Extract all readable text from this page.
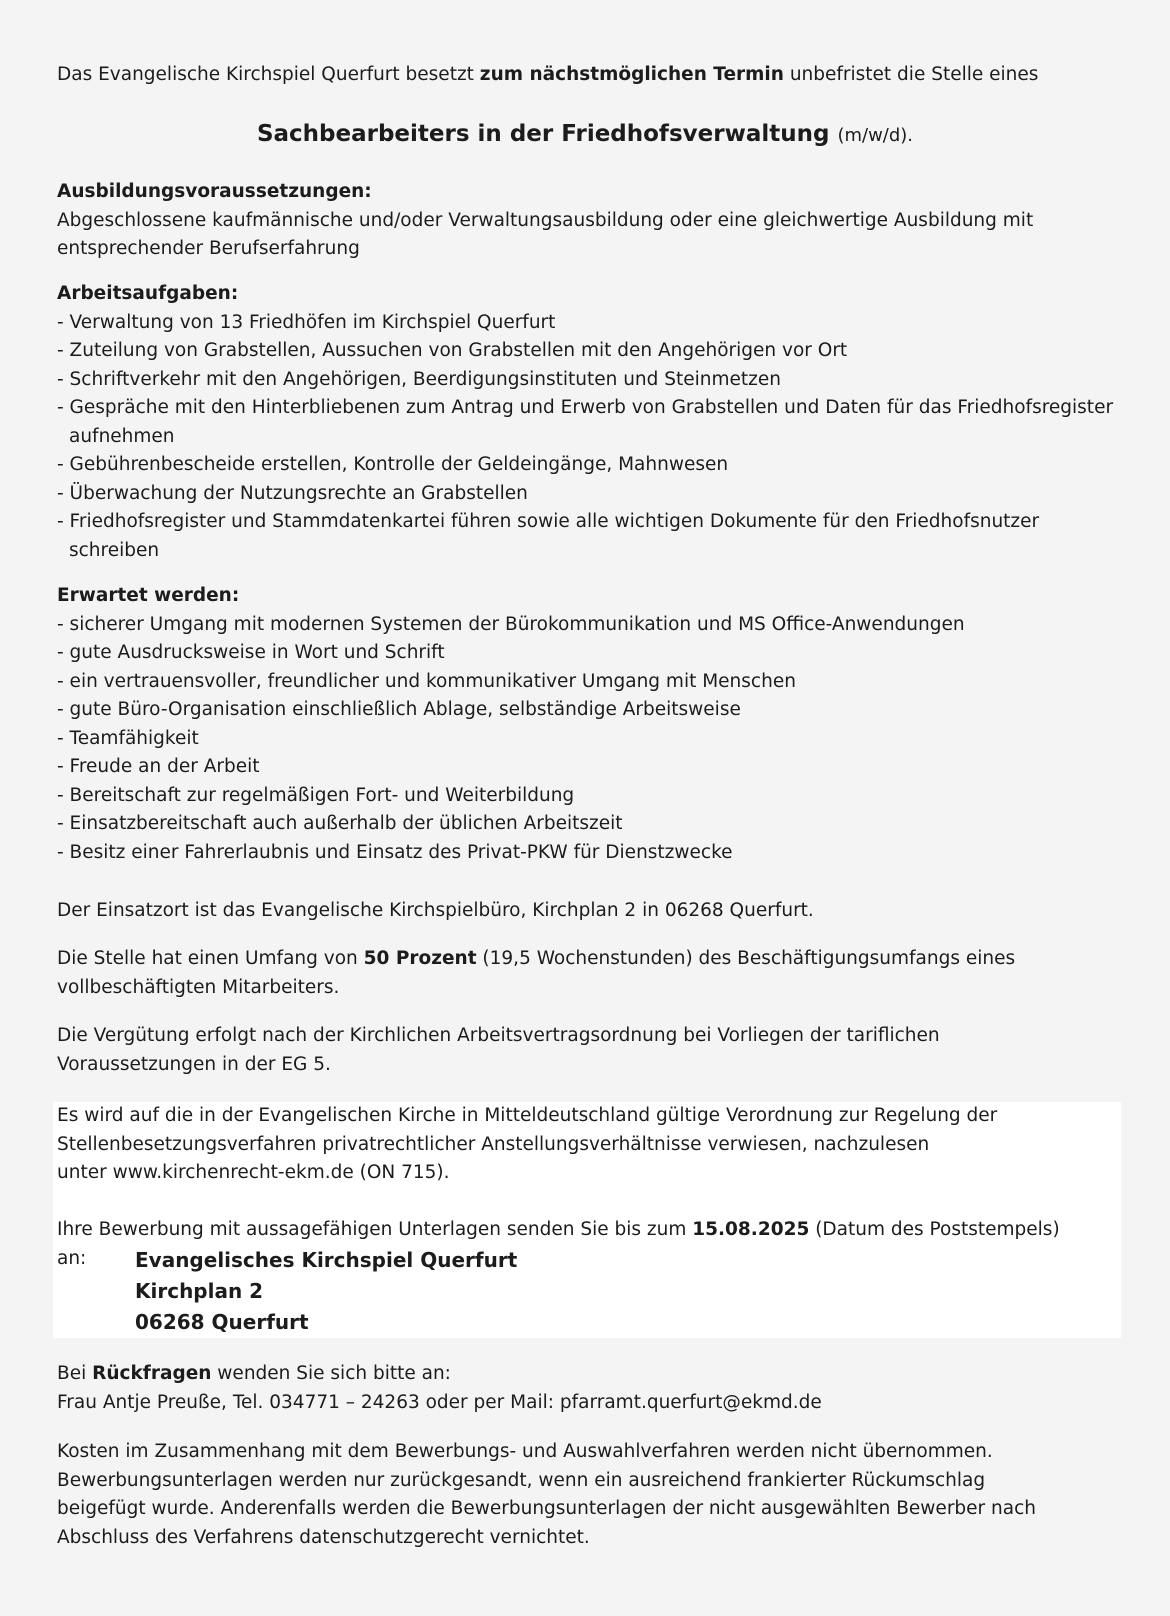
Das Evangelische Kirchspiel Querfurt besetzt zum nächstmöglichen Termin unbefristet die Stelle eines

Sachbearbeiters in der Friedhofsverwaltung (m/w/d).

Ausbildungsvoraussetzungen:

Abgeschlossene kaufmännische und/oder Verwaltungsausbildung oder eine gleichwertige Ausbildung mit

entsprechender Berufserfahrung

Arbeitsaufgaben:

- Verwaltung von 13 Friedhöfen im Kirchspiel Querfurt
- Zuteilung von Grabstellen, Aussuchen von Grabstellen mit den Angehörigen vor Ort
- Schriftverkehr mit den Angehörigen, Beerdigungsinstituten und Steinmetzen
- Gespräche mit den Hinterbliebenen zum Antrag und Erwerb von Grabstellen und Daten für das Friedhofsregister aufnehmen
- Gebührenbescheide erstellen, Kontrolle der Geldeingänge, Mahnwesen
- Überwachung der Nutzungsrechte an Grabstellen
- Friedhofsregister und Stammdatenkartei führen sowie alle wichtigen Dokumente für den Friedhofsnutzer schreiben

Erwartet werden:

- sicherer Umgang mit modernen Systemen der Bürokommunikation und MS Office-Anwendungen
- gute Ausdrucksweise in Wort und Schrift
- ein vertrauensvoller, freundlicher und kommunikativer Umgang mit Menschen
- gute Büro-Organisation einschließlich Ablage, selbständige Arbeitsweise
- Teamfähigkeit
- Freude an der Arbeit
- Bereitschaft zur regelmäßigen Fort- und Weiterbildung
- Einsatzbereitschaft auch außerhalb der üblichen Arbeitszeit
- Besitz einer Fahrerlaubnis und Einsatz des Privat-PKW für Dienstzwecke

Der Einsatzort ist das Evangelische Kirchspielbüro, Kirchplan 2 in 06268 Querfurt.

Die Stelle hat einen Umfang von 50 Prozent (19,5 Wochenstunden) des Beschäftigungsumfangs eines

vollbeschäftigten Mitarbeiters.

Die Vergütung erfolgt nach der Kirchlichen Arbeitsvertragsordnung bei Vorliegen der tariflichen

Voraussetzungen in der EG 5.

Es wird auf die in der Evangelischen Kirche in Mitteldeutschland gültige Verordnung zur Regelung der

Stellenbesetzungsverfahren privatrechtlicher Anstellungsverhältnisse verwiesen, nachzulesen

unter www.kirchenrecht-ekm.de (ON 715).

Ihre Bewerbung mit aussagefähigen Unterlagen senden Sie bis zum 15.08.2025 (Datum des Poststempels)

an:	Evangelisches Kirchspiel Querfurt
Kirchplan 2
06268 Querfurt

Bei Rückfragen wenden Sie sich bitte an:

Frau Antje Preuße, Tel. 034771 – 24263 oder per Mail: pfarramt.querfurt@ekmd.de

Kosten im Zusammenhang mit dem Bewerbungs- und Auswahlverfahren werden nicht übernommen.

Bewerbungsunterlagen werden nur zurückgesandt, wenn ein ausreichend frankierter Rückumschlag

beigefügt wurde. Anderenfalls werden die Bewerbungsunterlagen der nicht ausgewählten Bewerber nach

Abschluss des Verfahrens datenschutzgerecht vernichtet.
